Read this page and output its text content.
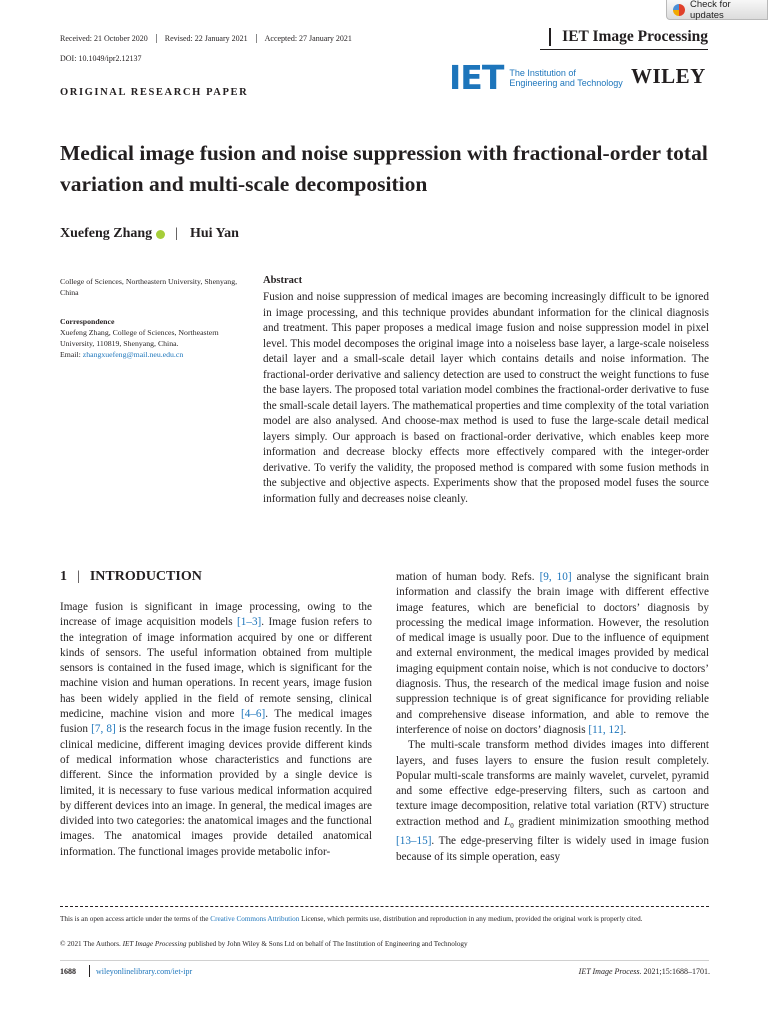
Check for updates
Received: 21 October 2020	Revised: 22 January 2021	Accepted: 27 January 2021
DOI: 10.1049/ipr2.12137
IET Image Processing
IET The Institution of
Engineering and Technology WILEY
ORIGINAL RESEARCH PAPER
Medical image fusion and noise suppression with fractional-order total variation and multi-scale decomposition
Xuefeng Zhang | Hui Yan
College of Sciences, Northeastern University, Shenyang, China
Correspondence
Xuefeng Zhang, College of Sciences, Northeastern University, 110819, Shenyang, China.
Email: zhangxuefeng@mail.neu.edu.cn
Abstract

Fusion and noise suppression of medical images are becoming increasingly difficult to be ignored in image processing, and this technique provides abundant information for the clinical diagnosis and treatment. This paper proposes a medical image fusion and noise suppression model in pixel level. This model decomposes the original image into a noiseless base layer, a large-scale noiseless detail layer and a small-scale detail layer which contains details and noise information. The fractional-order derivative and saliency detection are used to construct the weight functions to fuse the base layers. The proposed total variation model combines the fractional-order derivative to fuse the small-scale detail layers. The mathematical properties and time complexity of the total variation model are also analysed. And choose-max method is used to fuse the large-scale detail medical layers simply. Our approach is based on fractional-order derivative, which enables keep more information and decrease blocky effects more effectively compared with the integer-order derivative. To verify the validity, the proposed method is compared with some fusion methods in the subjective and objective aspects. Experiments show that the proposed model fuses the source information fully and decreases noise cleanly.

1 | INTRODUCTION

Image fusion is significant in image processing, owing to the increase of image acquisition models [1–3]. Image fusion refers to the integration of image information acquired by one or different kinds of sensors. The useful information obtained from multiple sensors is contained in the fused image, which is significant for the machine vision and human operations. In recent years, image fusion has been widely applied in the field of remote sensing, clinical medicine, machine vision and more [4–6]. The medical images fusion [7, 8] is the research focus in the image fusion recently. In the clinical medicine, different imaging devices provide different kinds of medical information whose characteristics and functions are different. Since the information provided by a single device is limited, it is necessary to fuse various medical information acquired by different devices into an image. In general, the medical images are divided into two categories: the anatomical images and the functional images. The anatomical images provide detailed anatomical information. The functional images provide metabolic infor-

mation of human body. Refs. [9, 10] analyse the significant brain information and classify the brain image with different effective image features, which are beneficial to doctors’ diagnosis by processing the medical image information. However, the resolution of medical image is usually poor. Due to the influence of equipment and external environment, the medical images provided by medical imaging equipment contain noise, which is not conducive to doctors’ diagnosis. Thus, the research of the medical image fusion and noise suppression technique is of great significance for providing reliable and comprehensive disease information, and able to remove the interference of noise on doctors’ diagnosis [11, 12].

The multi-scale transform method divides images into different layers, and fuses layers to ensure the fusion result completely. Popular multi-scale transforms are mainly wavelet, curvelet, pyramid and some effective edge-preserving filters, such as cartoon and texture image decomposition, relative total variation (RTV) structure extraction method and $L_0$ gradient minimization smoothing method [13–15]. The edge-preserving filter is widely used in image fusion because of its simple operation, easy

This is an open access article under the terms of the Creative Commons Attribution License, which permits use, distribution and reproduction in any medium, provided the original work is properly cited.
© 2021 The Authors. IET Image Processing published by John Wiley & Sons Ltd on behalf of The Institution of Engineering and Technology
1688	wileyonlinelibrary.com/iet-ipr	IET Image Process. 2021;15:1688–1701.
